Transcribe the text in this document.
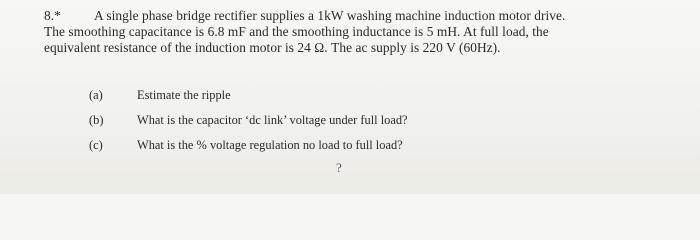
8.* A single phase bridge rectifier supplies a 1kW washing machine induction motor drive.
The smoothing capacitance is 6.8 mF and the smoothing inductance is 5 mH. At full load, the
equivalent resistance of the induction motor is 24 Ω. The ac supply is 220 V (60Hz).
(a)	Estimate the ripple
(b)	What is the capacitor ‘dc link’ voltage under full load?
(c)	What is the % voltage regulation no load to full load?
?
